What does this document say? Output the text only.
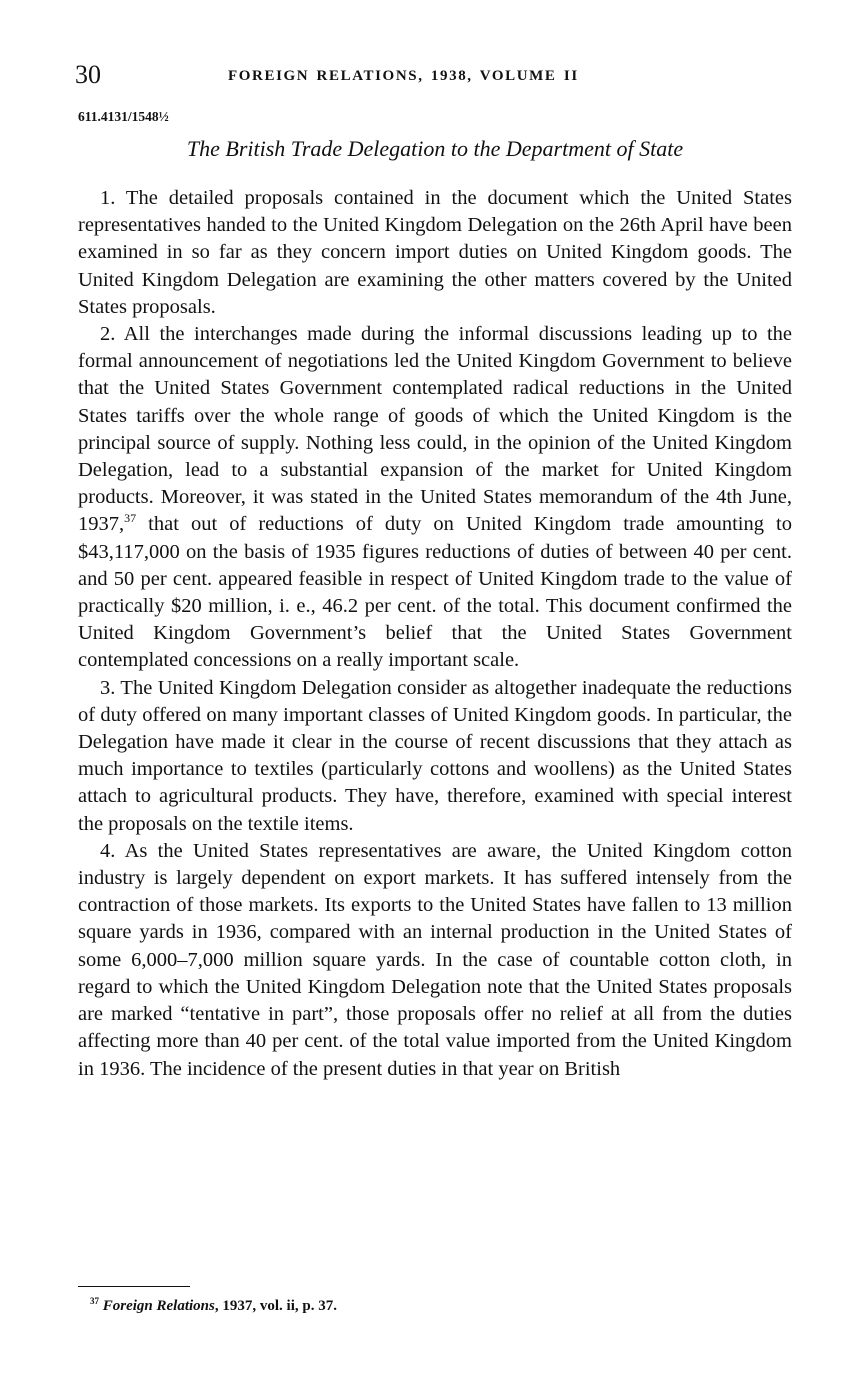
30	FOREIGN RELATIONS, 1938, VOLUME II
611.4131/1548½
The British Trade Delegation to the Department of State

1. The detailed proposals contained in the document which the United States representatives handed to the United Kingdom Delegation on the 26th April have been examined in so far as they concern import duties on United Kingdom goods. The United Kingdom Delegation are examining the other matters covered by the United States proposals.

2. All the interchanges made during the informal discussions leading up to the formal announcement of negotiations led the United Kingdom Government to believe that the United States Government contemplated radical reductions in the United States tariffs over the whole range of goods of which the United Kingdom is the principal source of supply. Nothing less could, in the opinion of the United Kingdom Delegation, lead to a substantial expansion of the market for United Kingdom products. Moreover, it was stated in the United States memorandum of the 4th June, 1937,37 that out of reductions of duty on United Kingdom trade amounting to $43,117,000 on the basis of 1935 figures reductions of duties of between 40 per cent. and 50 per cent. appeared feasible in respect of United Kingdom trade to the value of practically $20 million, i. e., 46.2 per cent. of the total. This document confirmed the United Kingdom Government’s belief that the United States Government contemplated concessions on a really important scale.

3. The United Kingdom Delegation consider as altogether inadequate the reductions of duty offered on many important classes of United Kingdom goods. In particular, the Delegation have made it clear in the course of recent discussions that they attach as much importance to textiles (particularly cottons and woollens) as the United States attach to agricultural products. They have, therefore, examined with special interest the proposals on the textile items.

4. As the United States representatives are aware, the United Kingdom cotton industry is largely dependent on export markets. It has suffered intensely from the contraction of those markets. Its exports to the United States have fallen to 13 million square yards in 1936, compared with an internal production in the United States of some 6,000–7,000 million square yards. In the case of countable cotton cloth, in regard to which the United Kingdom Delegation note that the United States proposals are marked “tentative in part”, those proposals offer no relief at all from the duties affecting more than 40 per cent. of the total value imported from the United Kingdom in 1936. The incidence of the present duties in that year on British

$^{37}$ Foreign Relations, 1937, vol. ii, p. 37.
